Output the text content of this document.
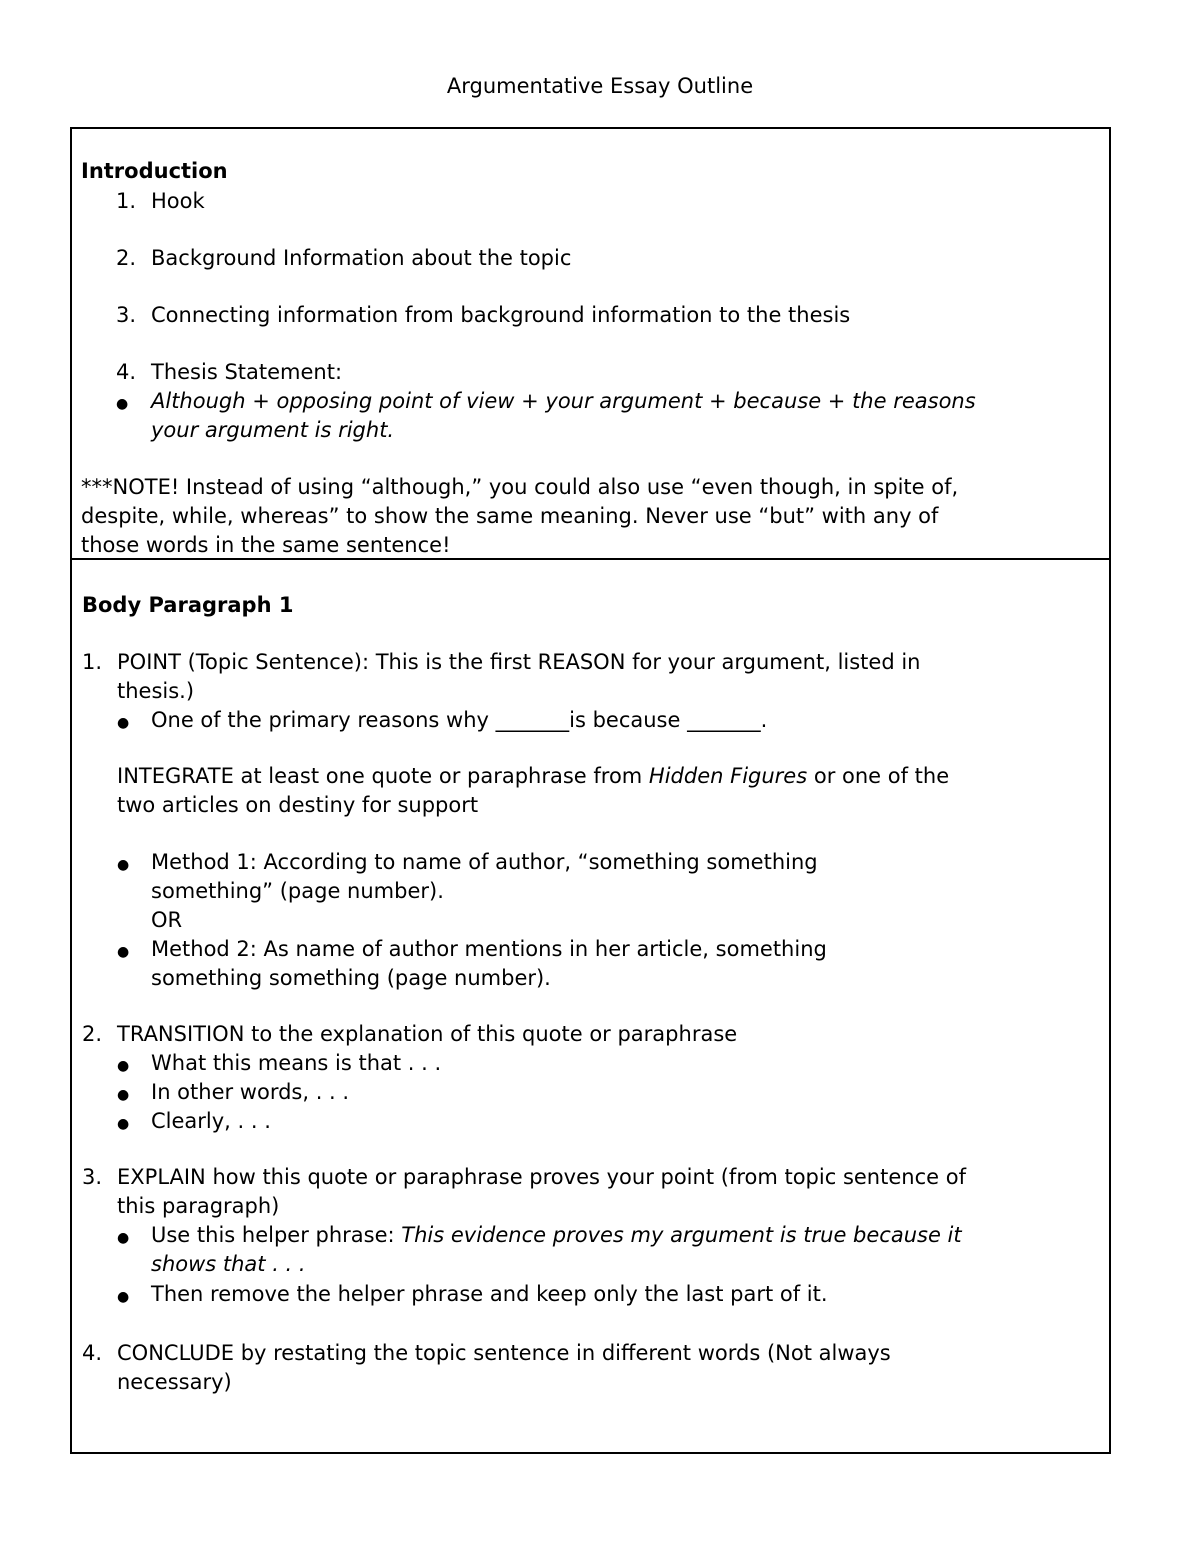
Argumentative Essay Outline
Introduction
1. Hook
2. Background Information about the topic
3. Connecting information from background information to the thesis
4. Thesis Statement:
● Although + opposing point of view + your argument + because + the reasons
your argument is right.
***NOTE! Instead of using “although,” you could also use “even though, in spite of,
despite, while, whereas” to show the same meaning. Never use “but” with any of
those words in the same sentence!
Body Paragraph 1
1. POINT (Topic Sentence): This is the first REASON for your argument, listed in
thesis.)
● One of the primary reasons why _______is because _______.
INTEGRATE at least one quote or paraphrase from Hidden Figures or one of the
two articles on destiny for support
● Method 1: According to name of author, “something something
something” (page number).
OR
● Method 2: As name of author mentions in her article, something
something something (page number).
2. TRANSITION to the explanation of this quote or paraphrase
● What this means is that . . .
● In other words, . . .
● Clearly, . . .
3. EXPLAIN how this quote or paraphrase proves your point (from topic sentence of
this paragraph)
● Use this helper phrase: This evidence proves my argument is true because it
shows that . . .
● Then remove the helper phrase and keep only the last part of it.
4. CONCLUDE by restating the topic sentence in different words (Not always
necessary)
